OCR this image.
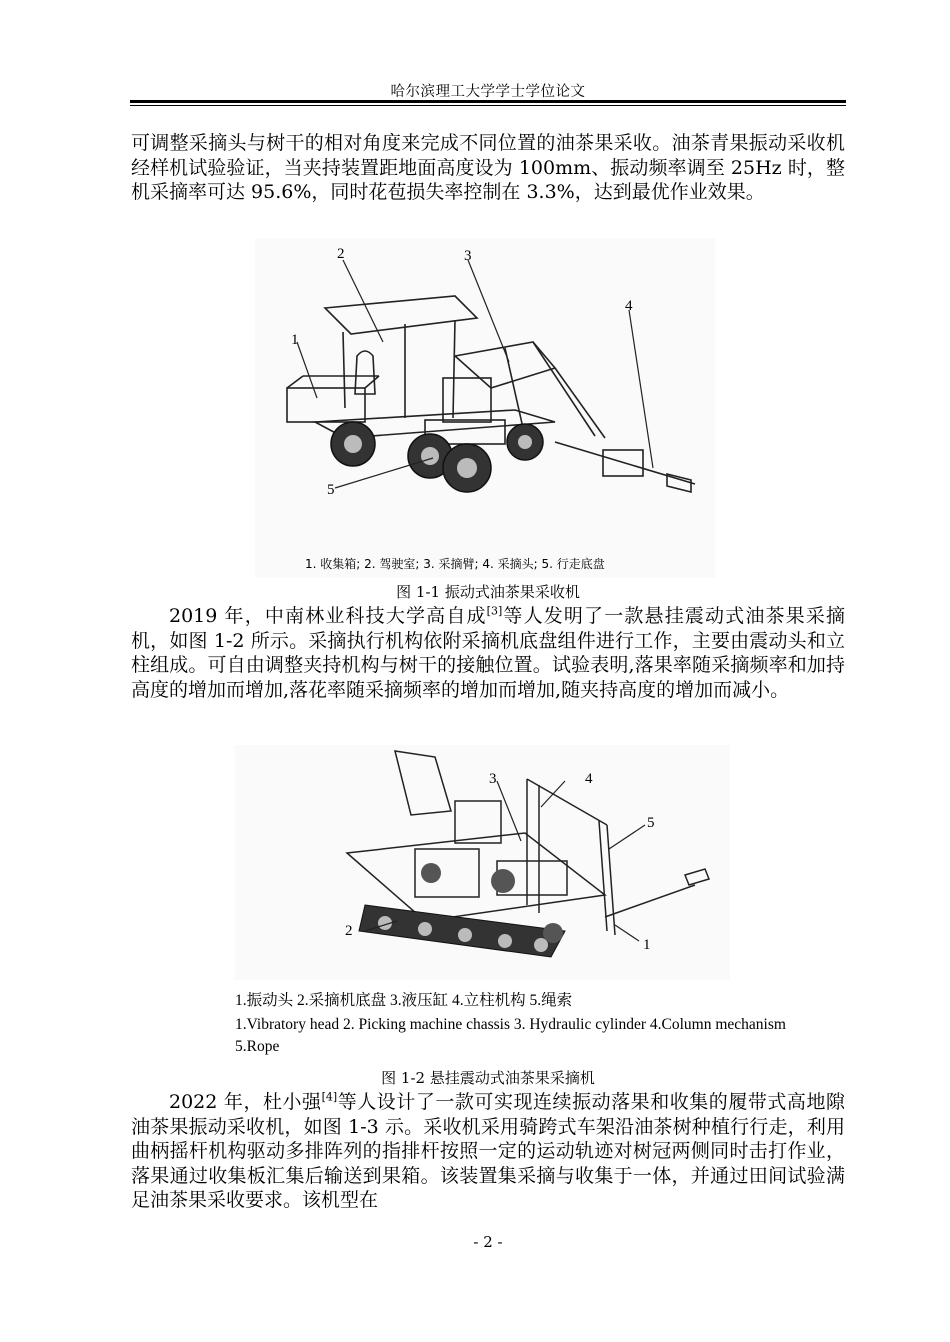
哈尔滨理工大学学士学位论文

可调整采摘头与树干的相对角度来完成不同位置的油茶果采收。油茶青果振动采收机经样机试验验证，当夹持装置距地面高度设为 100mm、振动频率调至 25Hz 时，整机采摘率可达 95.6%，同时花苞损失率控制在 3.3%，达到最优作业效果。

1
2	3
4
5
1. 收集箱; 2. 驾驶室; 3. 采摘臂; 4. 采摘头; 5. 行走底盘
图 1-1 振动式油茶果采收机

2019 年，中南林业科技大学高自成[3]等人发明了一款悬挂震动式油茶果采摘机，如图 1-2 所示。采摘执行机构依附采摘机底盘组件进行工作，主要由震动头和立柱组成。可自由调整夹持机构与树干的接触位置。试验表明,落果率随采摘频率和加持高度的增加而增加,落花率随采摘频率的增加而增加,随夹持高度的增加而减小。

3	4
5
2
1
1.振动头 2.采摘机底盘 3.液压缸 4.立柱机构 5.绳索
1.Vibratory head 2. Picking machine chassis 3. Hydraulic cylinder 4.Column mechanism 5.Rope
图 1-2 悬挂震动式油茶果采摘机

2022 年，杜小强[4]等人设计了一款可实现连续振动落果和收集的履带式高地隙油茶果振动采收机，如图 1-3 示。采收机采用骑跨式车架沿油茶树种植行行走，利用曲柄摇杆机构驱动多排阵列的指排杆按照一定的运动轨迹对树冠两侧同时击打作业，落果通过收集板汇集后输送到果箱。该装置集采摘与收集于一体，并通过田间试验满足油茶果采收要求。该机型在

- 2 -
